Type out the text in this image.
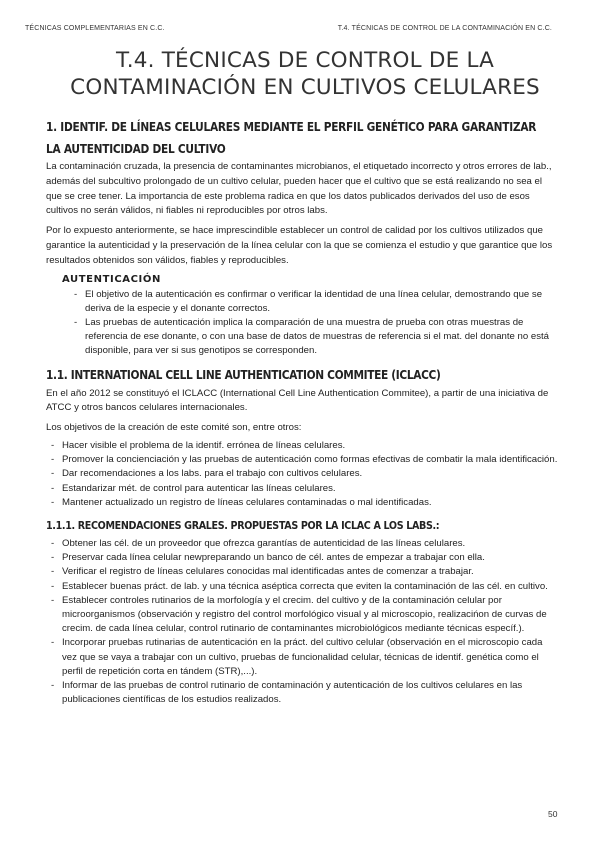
TÉCNICAS COMPLEMENTARIAS EN C.C.	T.4. TÉCNICAS DE CONTROL DE LA CONTAMINACIÓN EN C.C.
T.4. TÉCNICAS DE CONTROL DE LA
CONTAMINACIÓN EN CULTIVOS CELULARES
1. IDENTIF. DE LÍNEAS CELULARES MEDIANTE EL PERFIL GENÉTICO PARA GARANTIZAR LA AUTENTICIDAD DEL CULTIVO

La contaminación cruzada, la presencia de contaminantes microbianos, el etiquetado incorrecto y otros errores de lab., además del subcultivo prolongado de un cultivo celular, pueden hacer que el cultivo que se está realizando no sea el que se cree tener. La importancia de este problema radica en que los datos publicados derivados del uso de esos cultivos no serán válidos, ni fiables ni reproducibles por otros labs.

Por lo expuesto anteriormente, se hace imprescindible establecer un control de calidad por los cultivos utilizados que garantice la autenticidad y la preservación de la línea celular con la que se comienza el estudio y que garantice que los resultados obtenidos son válidos, fiables y reproducibles.

AUTENTICACIÓN
- El objetivo de la autenticación es confirmar o verificar la identidad de una línea celular, demostrando que se deriva de la especie y el donante correctos.
- Las pruebas de autenticación implica la comparación de una muestra de prueba con otras muestras de referencia de ese donante, o con una base de datos de muestras de referencia si el mat. del donante no está disponible, para ver si sus genotipos se corresponden.
1.1. INTERNATIONAL CELL LINE AUTHENTICATION COMMITEE (ICLACC)

En el año 2012 se constituyó el ICLACC (International Cell Line Authentication Commitee), a partir de una iniciativa de ATCC y otros bancos celulares internacionales.

Los objetivos de la creación de este comité son, entre otros:

- Hacer visible el problema de la identif. errónea de líneas celulares.
- Promover la concienciación y las pruebas de autenticación como formas efectivas de combatir la mala identificación.
- Dar recomendaciones a los labs. para el trabajo con cultivos celulares.
- Estandarizar mét. de control para autenticar las líneas celulares.
- Mantener actualizado un registro de líneas celulares contaminadas o mal identificadas.
1.1.1. RECOMENDACIONES GRALES. PROPUESTAS POR LA ICLAC A LOS LABS.:
- Obtener las cél. de un proveedor que ofrezca garantías de autenticidad de las líneas celulares.
- Preservar cada línea celular newpreparando un banco de cél. antes de empezar a trabajar con ella.
- Verificar el registro de líneas celulares conocidas mal identificadas antes de comenzar a trabajar.
- Establecer buenas práct. de lab. y una técnica aséptica correcta que eviten la contaminación de las cél. en cultivo.
- Establecer controles rutinarios de la morfología y el crecim. del cultivo y de la contaminación celular por microorganismos (observación y registro del control morfológico visual y al microscopio, realizacińon de curvas de crecim. de cada línea celular, control rutinario de contaminantes microbiológicos mediante técnicas específ.).
- Incorporar pruebas rutinarias de autenticación en la práct. del cultivo celular (observación en el microscopio cada vez que se vaya a trabajar con un cultivo, pruebas de funcionalidad celular, técnicas de identif. genética como el perfil de repetición corta en tándem (STR),...).
- Informar de las pruebas de control rutinario de contaminación y autenticación de los cultivos celulares en las publicaciones científicas de los estudios realizados.
50
